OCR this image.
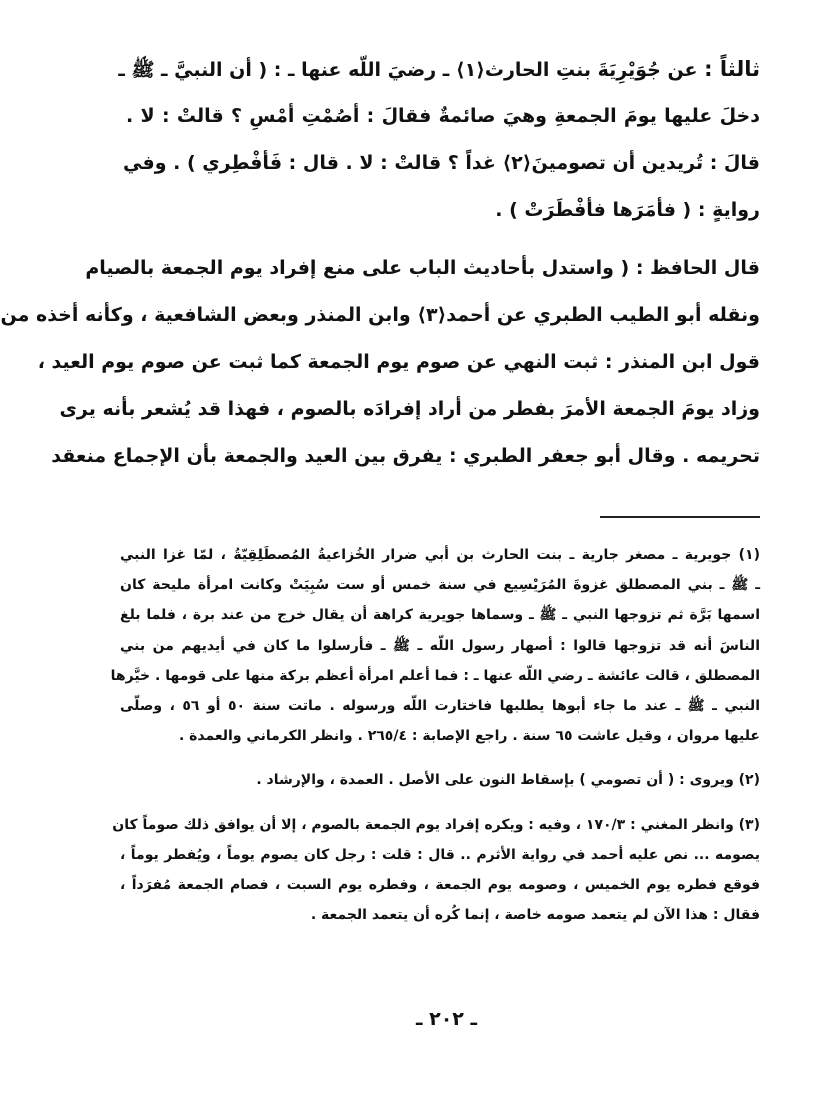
ثالثاً : عن جُوَيْرِيَةَ بنتِ الحارث⟨١⟩ ـ رضيَ اللّه عنها ـ : ( أن النبيَّ ـ ﷺ ـ
دخلَ عليها يومَ الجمعةِ وهيَ صائمةٌ فقالَ : أصُمْتِ أمْسِ ؟ قالتْ : لا .
قالَ : تُريدين أن تصومينَ⟨٢⟩ غداً ؟ قالتْ : لا . قال : فَأفْطِري ) . وفي
روايةٍ : ( فأمَرَها فأفْطَرَتْ ) .
قال الحافظ : ( واستدل بأحاديث الباب على منع إفراد يوم الجمعة بالصيام
ونقله أبو الطيب الطبري عن أحمد⟨٣⟩ وابن المنذر وبعض الشافعية ، وكأنه أخذه من
قول ابن المنذر : ثبت النهي عن صوم يوم الجمعة كما ثبت عن صوم يوم العيد ،
وزاد يومَ الجمعة الأمرَ بفطر من أراد إفرادَه بالصوم ، فهذا قد يُشعر بأنه يرى
تحريمه . وقال أبو جعفر الطبري : يفرق بين العيد والجمعة بأن الإجماع منعقد
(١) جويرية ـ مصغر جارية ـ بنت الحارث بن أبي ضرار الخُزاعيةُ المُصطَلِقِيّةُ ، لمّا غزا النبي
ـ ﷺ ـ بني المصطلق غزوةَ المُرَيْسِيع في سنة خمس أو ست سُبِيَتْ وكانت امرأة مليحة كان
اسمها بَرَّة ثم تزوجها النبي ـ ﷺ ـ وسماها جويرية كراهة أن يقال خرج من عند برة ، فلما بلغ
الناسَ أنه قد تزوجها قالوا : أصهار رسول اللّه ـ ﷺ ـ فأرسلوا ما كان في أيديهم من بني
المصطلق ، قالت عائشة ـ رضي اللّه عنها ـ : فما أعلم امرأة أعظم بركة منها على قومها . خيَّرها
النبي ـ ﷺ ـ عند ما جاء أبوها يطلبها فاختارت اللّه ورسوله . ماتت سنة ٥٠ أو ٥٦ ، وصلّى
عليها مروان ، وقيل عاشت ٦٥ سنة . راجع الإصابة : ٢٦٥/٤ . وانظر الكرماني والعمدة .
(٢) ويروى : ( أن تصومي ) بإسقاط النون على الأصل . العمدة ، والإرشاد .
(٣) وانظر المغني : ١٧٠/٣ ، وفيه : ويكره إفراد يوم الجمعة بالصوم ، إلا أن يوافق ذلك صوماً كان
يصومه ... نص عليه أحمد في رواية الأثرم .. قال : قلت : رجل كان يصوم يوماً ، ويُفطر يوماً ،
فوقع فطره يوم الخميس ، وصومه يوم الجمعة ، وفطره يوم السبت ، فصام الجمعة مُفرَداً ،
فقال : هذا الآن لم يتعمد صومه خاصة ، إنما كُره أن يتعمد الجمعة .
ـ ٢٠٢ ـ
